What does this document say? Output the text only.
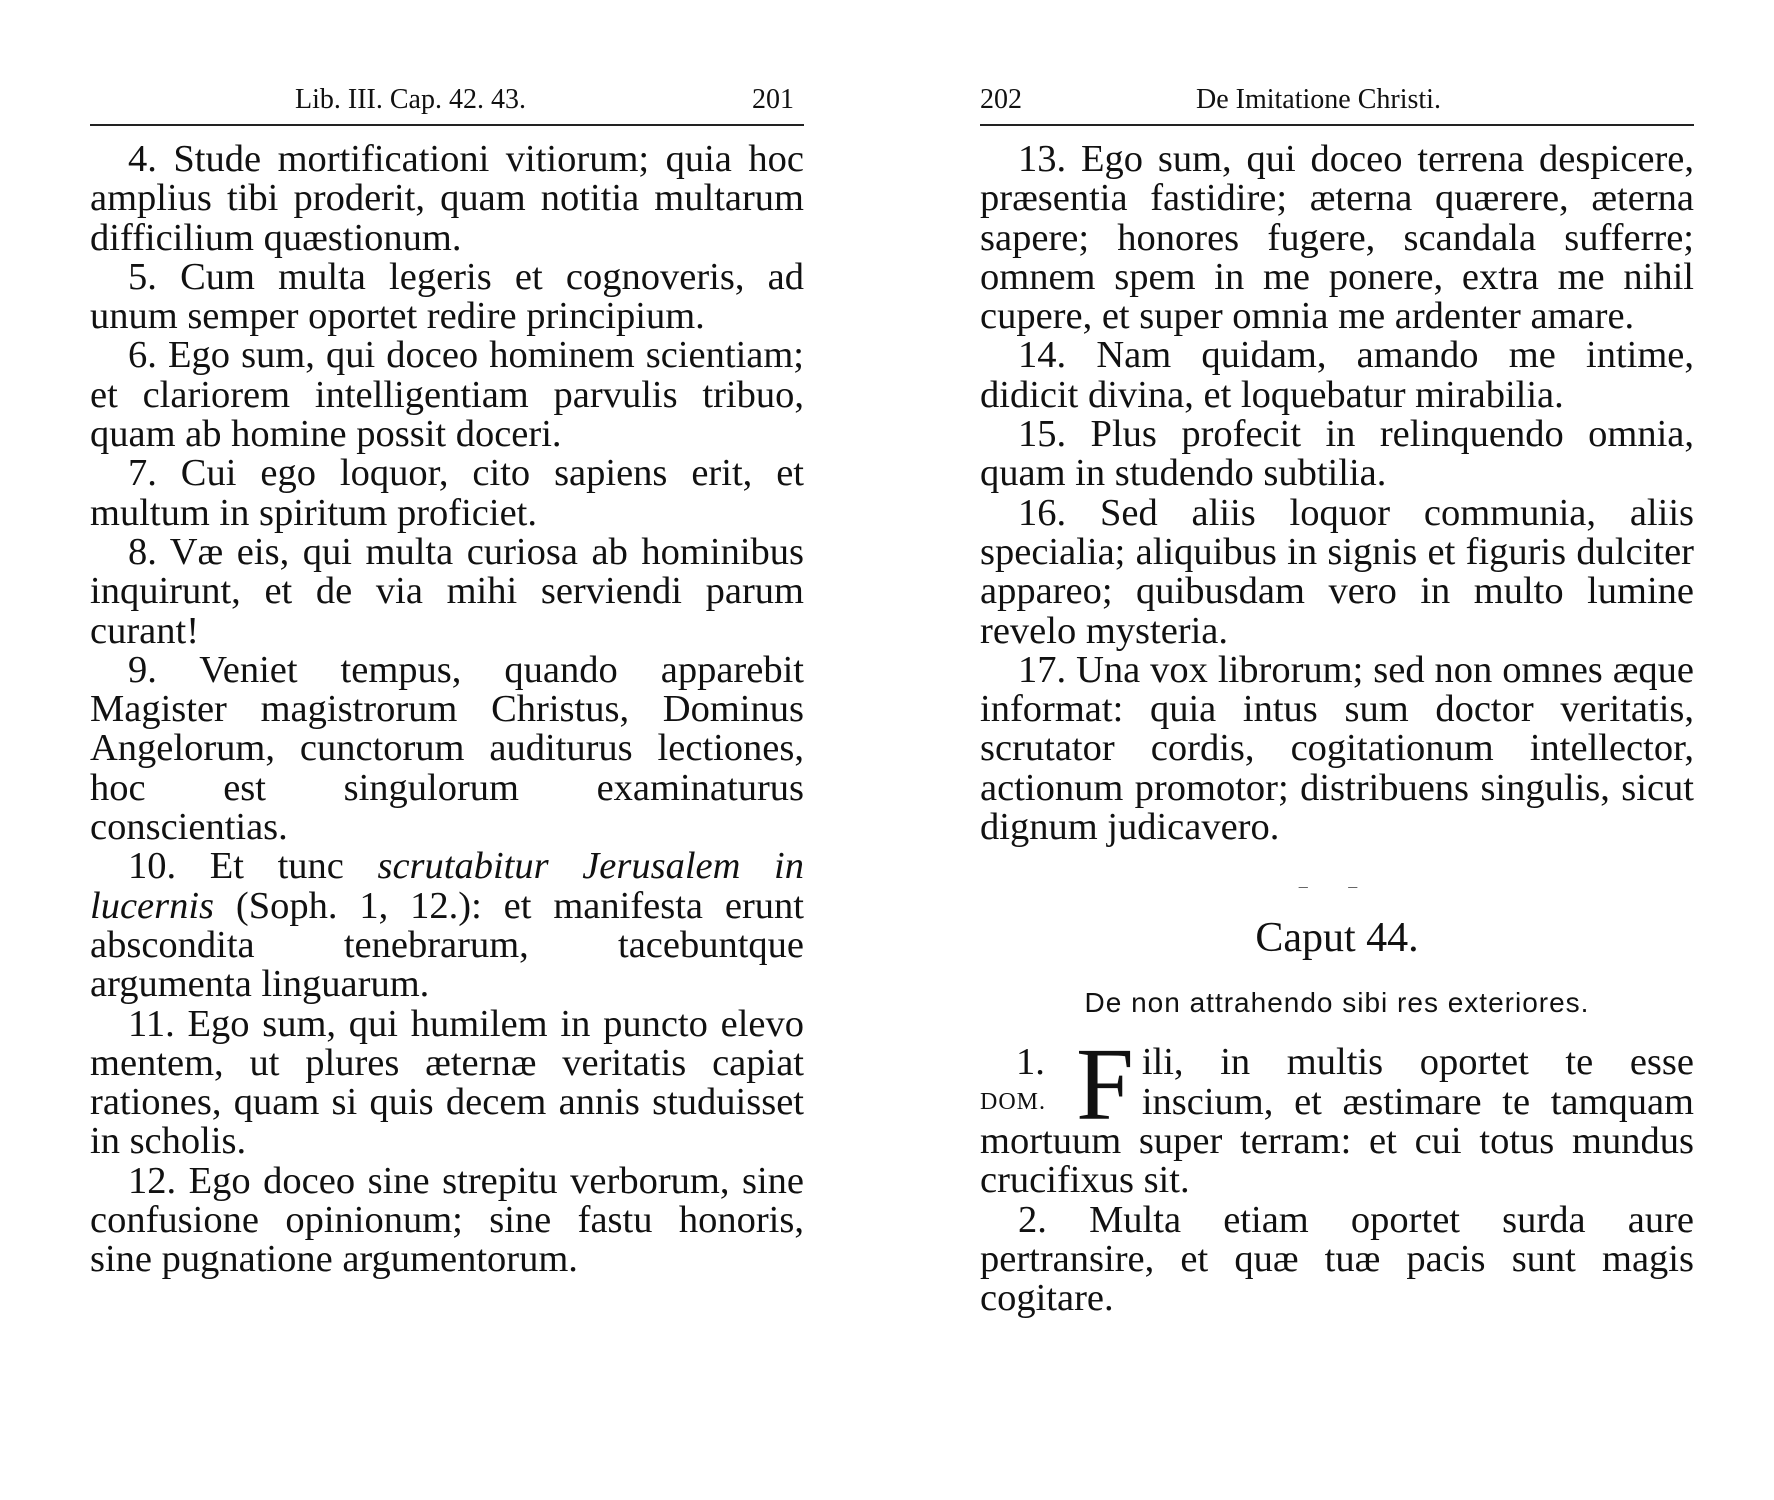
Lib. III. Cap. 42. 43.	201

4. Stude mortificationi vitiorum; quia hoc amplius tibi proderit, quam notitia multarum difficilium quæstionum.

5. Cum multa legeris et cognoveris, ad unum semper oportet redire principium.

6. Ego sum, qui doceo hominem scientiam; et clariorem intelligentiam parvulis tribuo, quam ab homine possit doceri.

7. Cui ego loquor, cito sapiens erit, et multum in spiritum proficiet.

8. Væ eis, qui multa curiosa ab hominibus inquirunt, et de via mihi serviendi parum curant!

9. Veniet tempus, quando apparebit Magister magistrorum Christus, Dominus Angelorum, cunctorum auditurus lectiones, hoc est singulorum examinaturus conscientias.

10. Et tunc scrutabitur Jerusalem in lucernis (Soph. 1, 12.): et manifesta erunt abscondita tenebrarum, tacebuntque argumenta linguarum.

11. Ego sum, qui humilem in puncto elevo mentem, ut plures æternæ veritatis capiat rationes, quam si quis decem annis studuisset in scholis.

12. Ego doceo sine strepitu verborum, sine confusione opinionum; sine fastu honoris, sine pugnatione argumentorum.

202	De Imitatione Christi.

13. Ego sum, qui doceo terrena despicere, præsentia fastidire; æterna quærere, æterna sapere; honores fugere, scandala sufferre; omnem spem in me ponere, extra me nihil cupere, et super omnia me ardenter amare.

14. Nam quidam, amando me intime, didicit divina, et loquebatur mirabilia.

15. Plus profecit in relinquendo omnia, quam in studendo subtilia.

16. Sed aliis loquor communia, aliis specialia; aliquibus in signis et figuris dulciter appareo; quibusdam vero in multo lumine revelo mysteria.

17. Una vox librorum; sed non omnes æque informat: quia intus sum doctor veritatis, scrutator cordis, cogitationum intellector, actionum promotor; distribuens singulis, sicut dignum judicavero.

– –
Caput 44.
De non attrahendo sibi res exteriores.
1.
DOM. F ili, in multis oportet te esse inscium, et æstimare te tamquam mortuum super terram: et cui totus mundus crucifixus sit.

2. Multa etiam oportet surda aure pertransire, et quæ tuæ pacis sunt magis cogitare.
